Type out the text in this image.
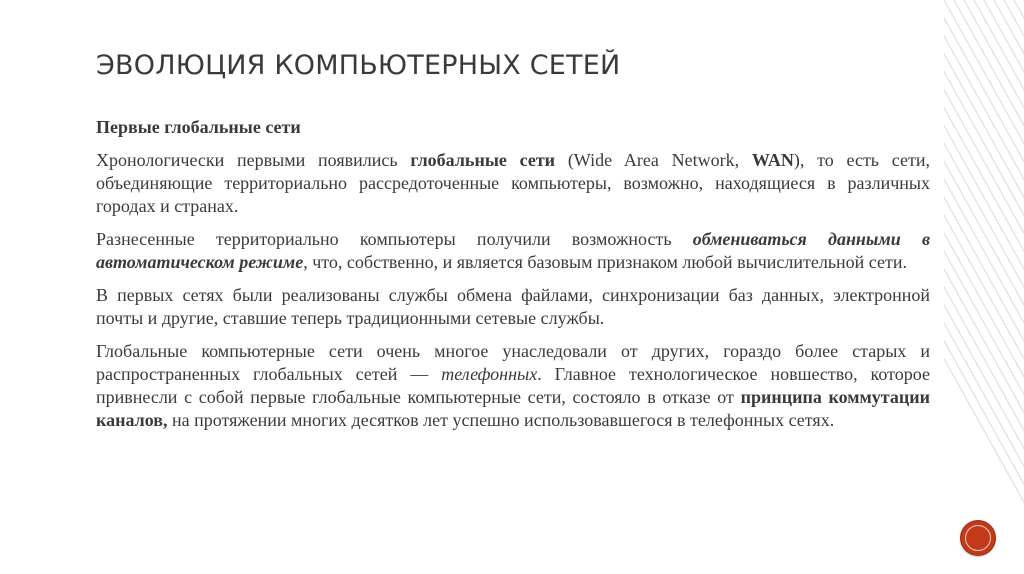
ЭВОЛЮЦИЯ КОМПЬЮТЕРНЫХ СЕТЕЙ

Первые глобальные сети

Хронологически первыми появились глобальные сети (Wide Area Network, WAN), то есть сети, объединяющие территориально рассредоточенные компьютеры, возможно, находящиеся в различных городах и странах.

Разнесенные территориально компьютеры получили возможность обмениваться данными в автоматическом режиме, что, собственно, и является базовым признаком любой вычислительной сети.

В первых сетях были реализованы службы обмена файлами, синхронизации баз данных, электронной почты и другие, ставшие теперь традиционными сетевые службы.

Глобальные компьютерные сети очень многое унаследовали от других, гораздо более старых и распространенных глобальных сетей — телефонных. Главное технологическое новшество, которое привнесли с собой первые глобальные компьютерные сети, состояло в отказе от принципа коммутации каналов, на протяжении многих десятков лет успешно использовавшегося в телефонных сетях.
